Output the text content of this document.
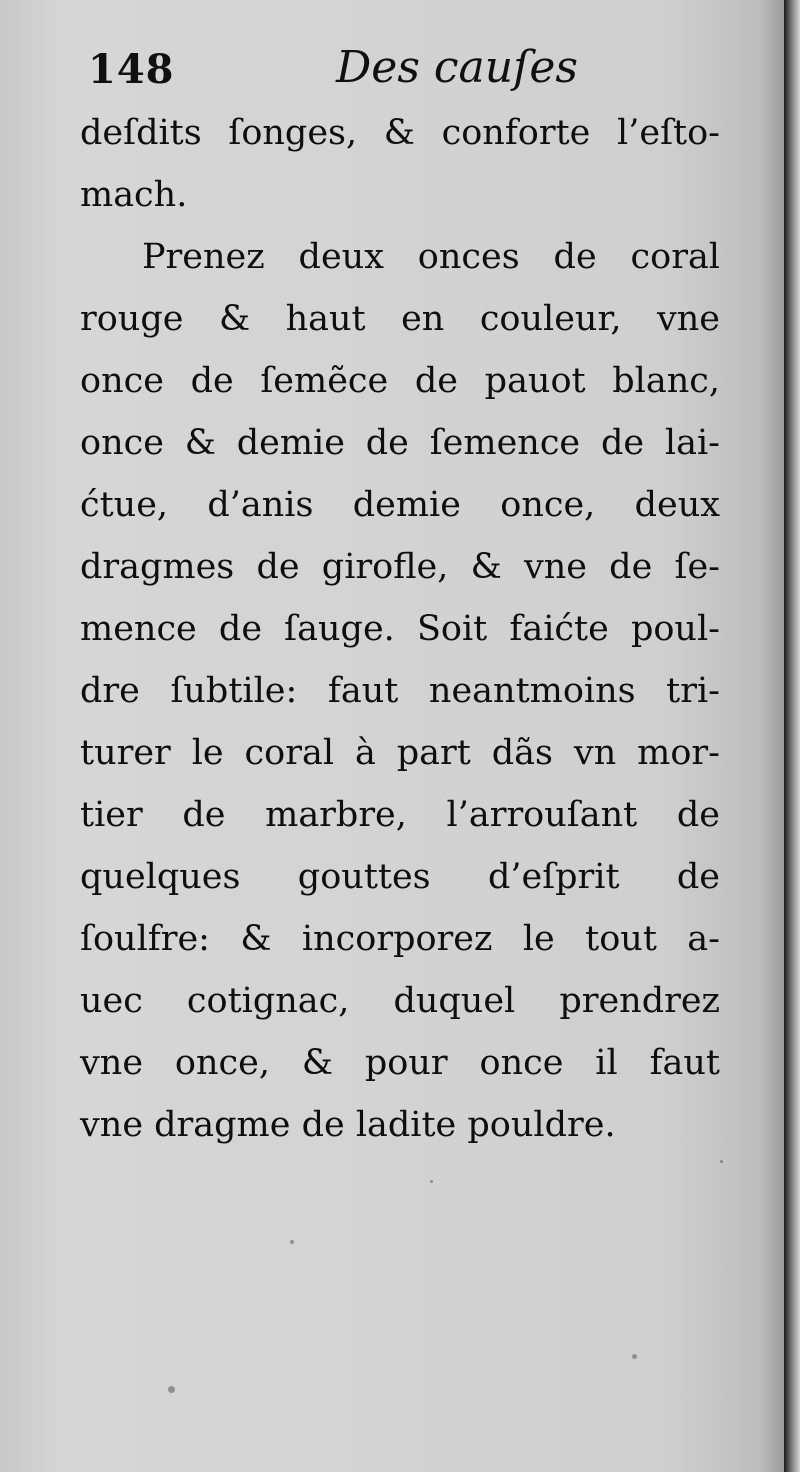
148	Des cauſes
deſdits ſonges, & conforte l’eſto-
mach.
Prenez deux onces de coral
rouge & haut en couleur, vne
once de ſemẽce de pauot blanc,
once & demie de ſemence de lai-
ćtue, d’anis demie once, deux
dragmes de girofle, & vne de ſe-
mence de ſauge. Soit faićte poul-
dre ſubtile: faut neantmoins tri-
turer le coral à part dãs vn mor-
tier de marbre, l’arrouſant de
quelques gouttes d’eſprit de
ſoulfre: & incorporez le tout a-
uec cotignac, duquel prendrez
vne once, & pour once il faut
vne dragme de ladite pouldre.
